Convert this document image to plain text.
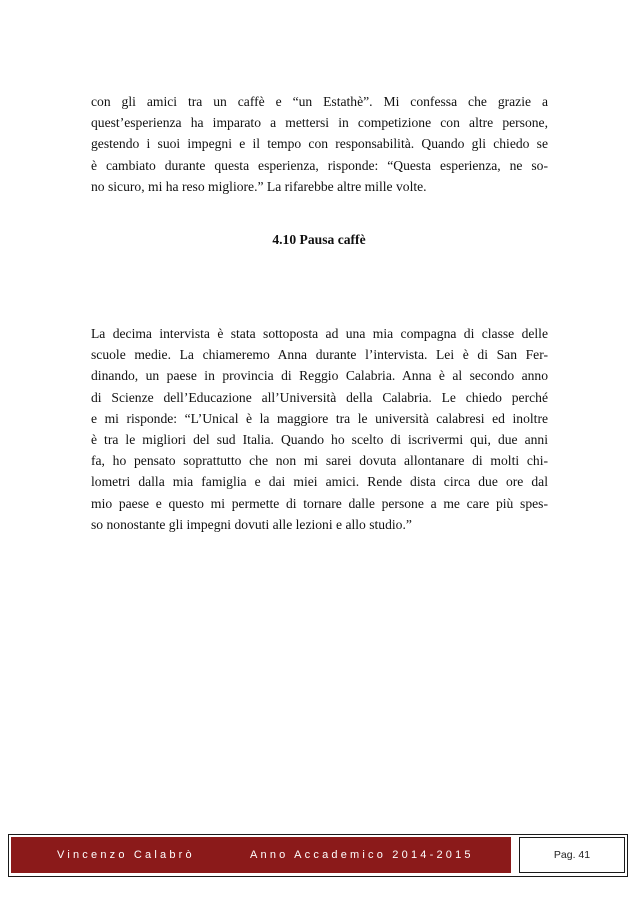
con gli amici tra un caffè e “un Estathè”. Mi confessa che grazie a
quest’esperienza ha imparato a mettersi in competizione con altre persone,
gestendo i suoi impegni e il tempo con responsabilità. Quando gli chiedo se
è cambiato durante questa esperienza, risponde: “Questa esperienza, ne so-
no sicuro, mi ha reso migliore.” La rifarebbe altre mille volte.

4.10 Pausa caffè

La decima intervista è stata sottoposta ad una mia compagna di classe delle
scuole medie. La chiameremo Anna durante l’intervista. Lei è di San Fer-
dinando, un paese in provincia di Reggio Calabria. Anna è al secondo anno
di Scienze dell’Educazione all’Università della Calabria. Le chiedo perché
e mi risponde: “L’Unical è la maggiore tra le università calabresi ed inoltre
è tra le migliori del sud Italia. Quando ho scelto di iscrivermi qui, due anni
fa, ho pensato soprattutto che non mi sarei dovuta allontanare di molti chi-
lometri dalla mia famiglia e dai miei amici. Rende dista circa due ore dal
mio paese e questo mi permette di tornare dalle persone a me care più spes-
so nonostante gli impegni dovuti alle lezioni e allo studio.”

Vincenzo Calabrò	Anno Accademico 2014-2015	Pag. 41
